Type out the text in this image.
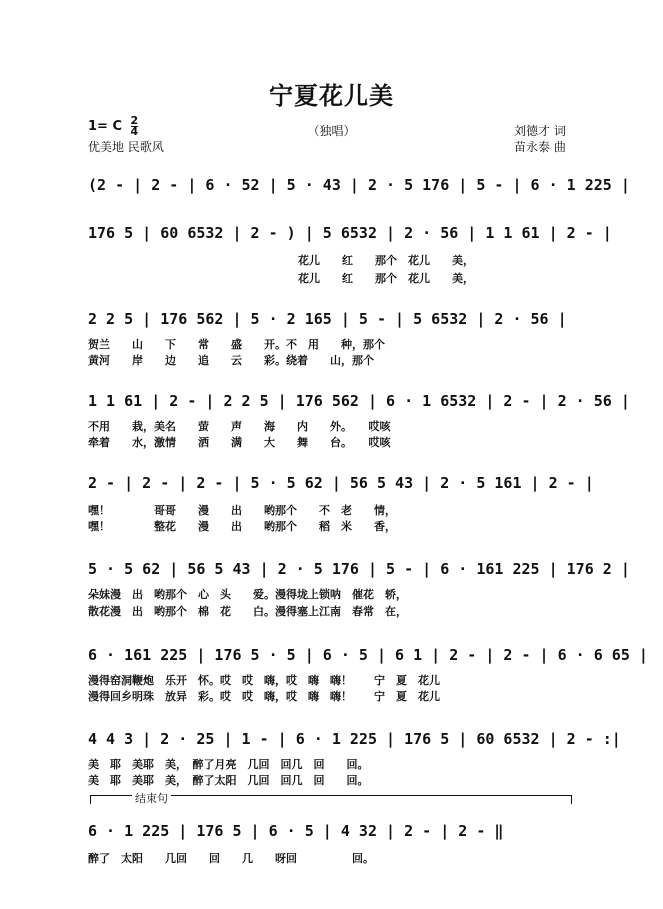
宁夏花儿美
（独唱）
1= C $\frac{2}{4}$
优美地 民歌风
刘德才 词
苗永泰 曲
(2 - | 2 - | 6 · 52 | 5 · 43 | 2 · 5 176 | 5 - | 6 · 1 225 |
176 5 | 60 6532 | 2 - ) | 5 6532 | 2 · 56 | 1 1 61 | 2 - |
花儿　　红　　那个　花儿　　美，
花儿　　红　　那个　花儿　　美，
2 2 5 | 176 562 | 5 · 2 165 | 5 - | 5 6532 | 2 · 56 |
贺兰　　山　　下　　常　　盛　　开。不　用　　种，那个
黄河　　岸　　边　　追　　云　　彩。绕着　　山，那个
1 1 61 | 2 - | 2 2 5 | 176 562 | 6 · 1 6532 | 2 - | 2 · 56 |
不用　　栽，美名　　萤　　声　　海　　内　　外。　　哎咳
牵着　　水，激情　　洒　　满　　大　　舞　　台。　　哎咳
2 - | 2 - | 2 - | 5 · 5 62 | 56 5 43 | 2 · 5 161 | 2 - |
嘿！　　　　哥哥　　漫　　出　　哟那个　　不　老　　情，
嘿！　　　　整花　　漫　　出　　哟那个　　稻　米　　香，
5 · 5 62 | 56 5 43 | 2 · 5 176 | 5 - | 6 · 161 225 | 176 2 |
朵妹漫　出　哟那个　心　头　　爱。漫得垅上锁呐　催花　轿，
散花漫　出　哟那个　棉　花　　白。漫得塞上江南　春常　在，
6 · 161 225 | 176 5 · 5 | 6 · 5 | 6 1 | 2 - | 2 - | 6 · 6 65 |
漫得窑洞鞭炮　乐开　怀。哎　哎　嗨，哎　嗨　嗨！　　宁　夏　花儿
漫得回乡明珠　放异　彩。哎　哎　嗨，哎　嗨　嗨！　　宁　夏　花儿
4 4 3 | 2 · 25 | 1 - | 6 · 1 225 | 176 5 | 60 6532 | 2 - :|
美　耶　美耶　美，　醉了月亮　几回　回几　回　　回。
美　耶　美耶　美，　醉了太阳　几回　回几　回　　回。
结束句
6 · 1 225 | 176 5 | 6 · 5 | 4 32 | 2 - | 2 - ‖
醉了　太阳　　几回　　回　　几　　呀回　　　　　回。
